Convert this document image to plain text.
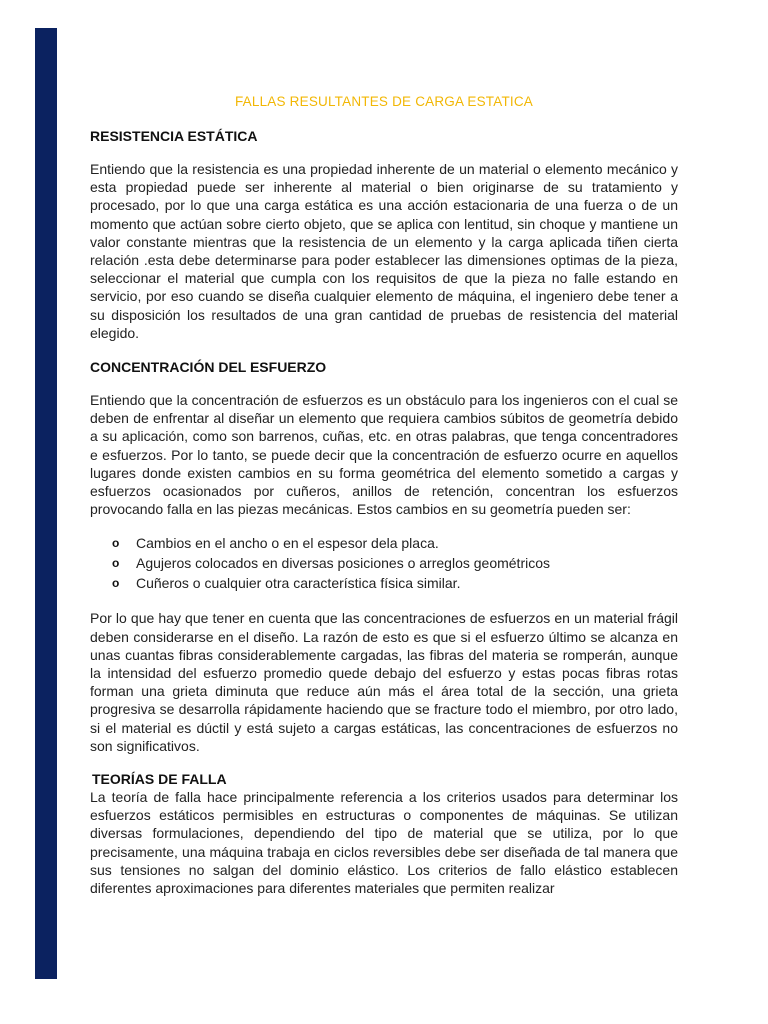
FALLAS RESULTANTES DE CARGA ESTATICA
RESISTENCIA ESTÁTICA

Entiendo que la resistencia es una propiedad inherente de un material o elemento mecánico y esta propiedad puede ser inherente al material o bien originarse de su tratamiento y procesado, por lo que una carga estática es una acción estacionaria de una fuerza o de un momento que actúan sobre cierto objeto, que se aplica con lentitud, sin choque y mantiene un valor constante mientras que la resistencia de un elemento y la carga aplicada tiñen cierta relación .esta debe determinarse para poder establecer las dimensiones optimas de la pieza, seleccionar el material que cumpla con los requisitos de que la pieza no falle estando en servicio, por eso cuando se diseña cualquier elemento de máquina, el ingeniero debe tener a su disposición los resultados de una gran cantidad de pruebas de resistencia del material elegido.

CONCENTRACIÓN DEL ESFUERZO

Entiendo que la concentración de esfuerzos es un obstáculo para los ingenieros con el cual se deben de enfrentar al diseñar un elemento que requiera cambios súbitos de geometría debido a su aplicación, como son barrenos, cuñas, etc. en otras palabras, que tenga concentradores e esfuerzos. Por lo tanto, se puede decir que la concentración de esfuerzo ocurre en aquellos lugares donde existen cambios en su forma geométrica del elemento sometido a cargas y esfuerzos ocasionados por cuñeros, anillos de retención, concentran los esfuerzos provocando falla en las piezas mecánicas. Estos cambios en su geometría pueden ser:

o Cambios en el ancho o en el espesor dela placa.
o Agujeros colocados en diversas posiciones o arreglos geométricos
o Cuñeros o cualquier otra característica física similar.

Por lo que hay que tener en cuenta que las concentraciones de esfuerzos en un material frágil deben considerarse en el diseño. La razón de esto es que si el esfuerzo último se alcanza en unas cuantas fibras considerablemente cargadas, las fibras del materia se romperán, aunque la intensidad del esfuerzo promedio quede debajo del esfuerzo y estas pocas fibras rotas forman una grieta diminuta que reduce aún más el área total de la sección, una grieta progresiva se desarrolla rápidamente haciendo que se fracture todo el miembro, por otro lado, si el material es dúctil y está sujeto a cargas estáticas, las concentraciones de esfuerzos no son significativos.

TEORÍAS DE FALLA

La teoría de falla hace principalmente referencia a los criterios usados para determinar los esfuerzos estáticos permisibles en estructuras o componentes de máquinas. Se utilizan diversas formulaciones, dependiendo del tipo de material que se utiliza, por lo que precisamente, una máquina trabaja en ciclos reversibles debe ser diseñada de tal manera que sus tensiones no salgan del dominio elástico. Los criterios de fallo elástico establecen diferentes aproximaciones para diferentes materiales que permiten realizar
